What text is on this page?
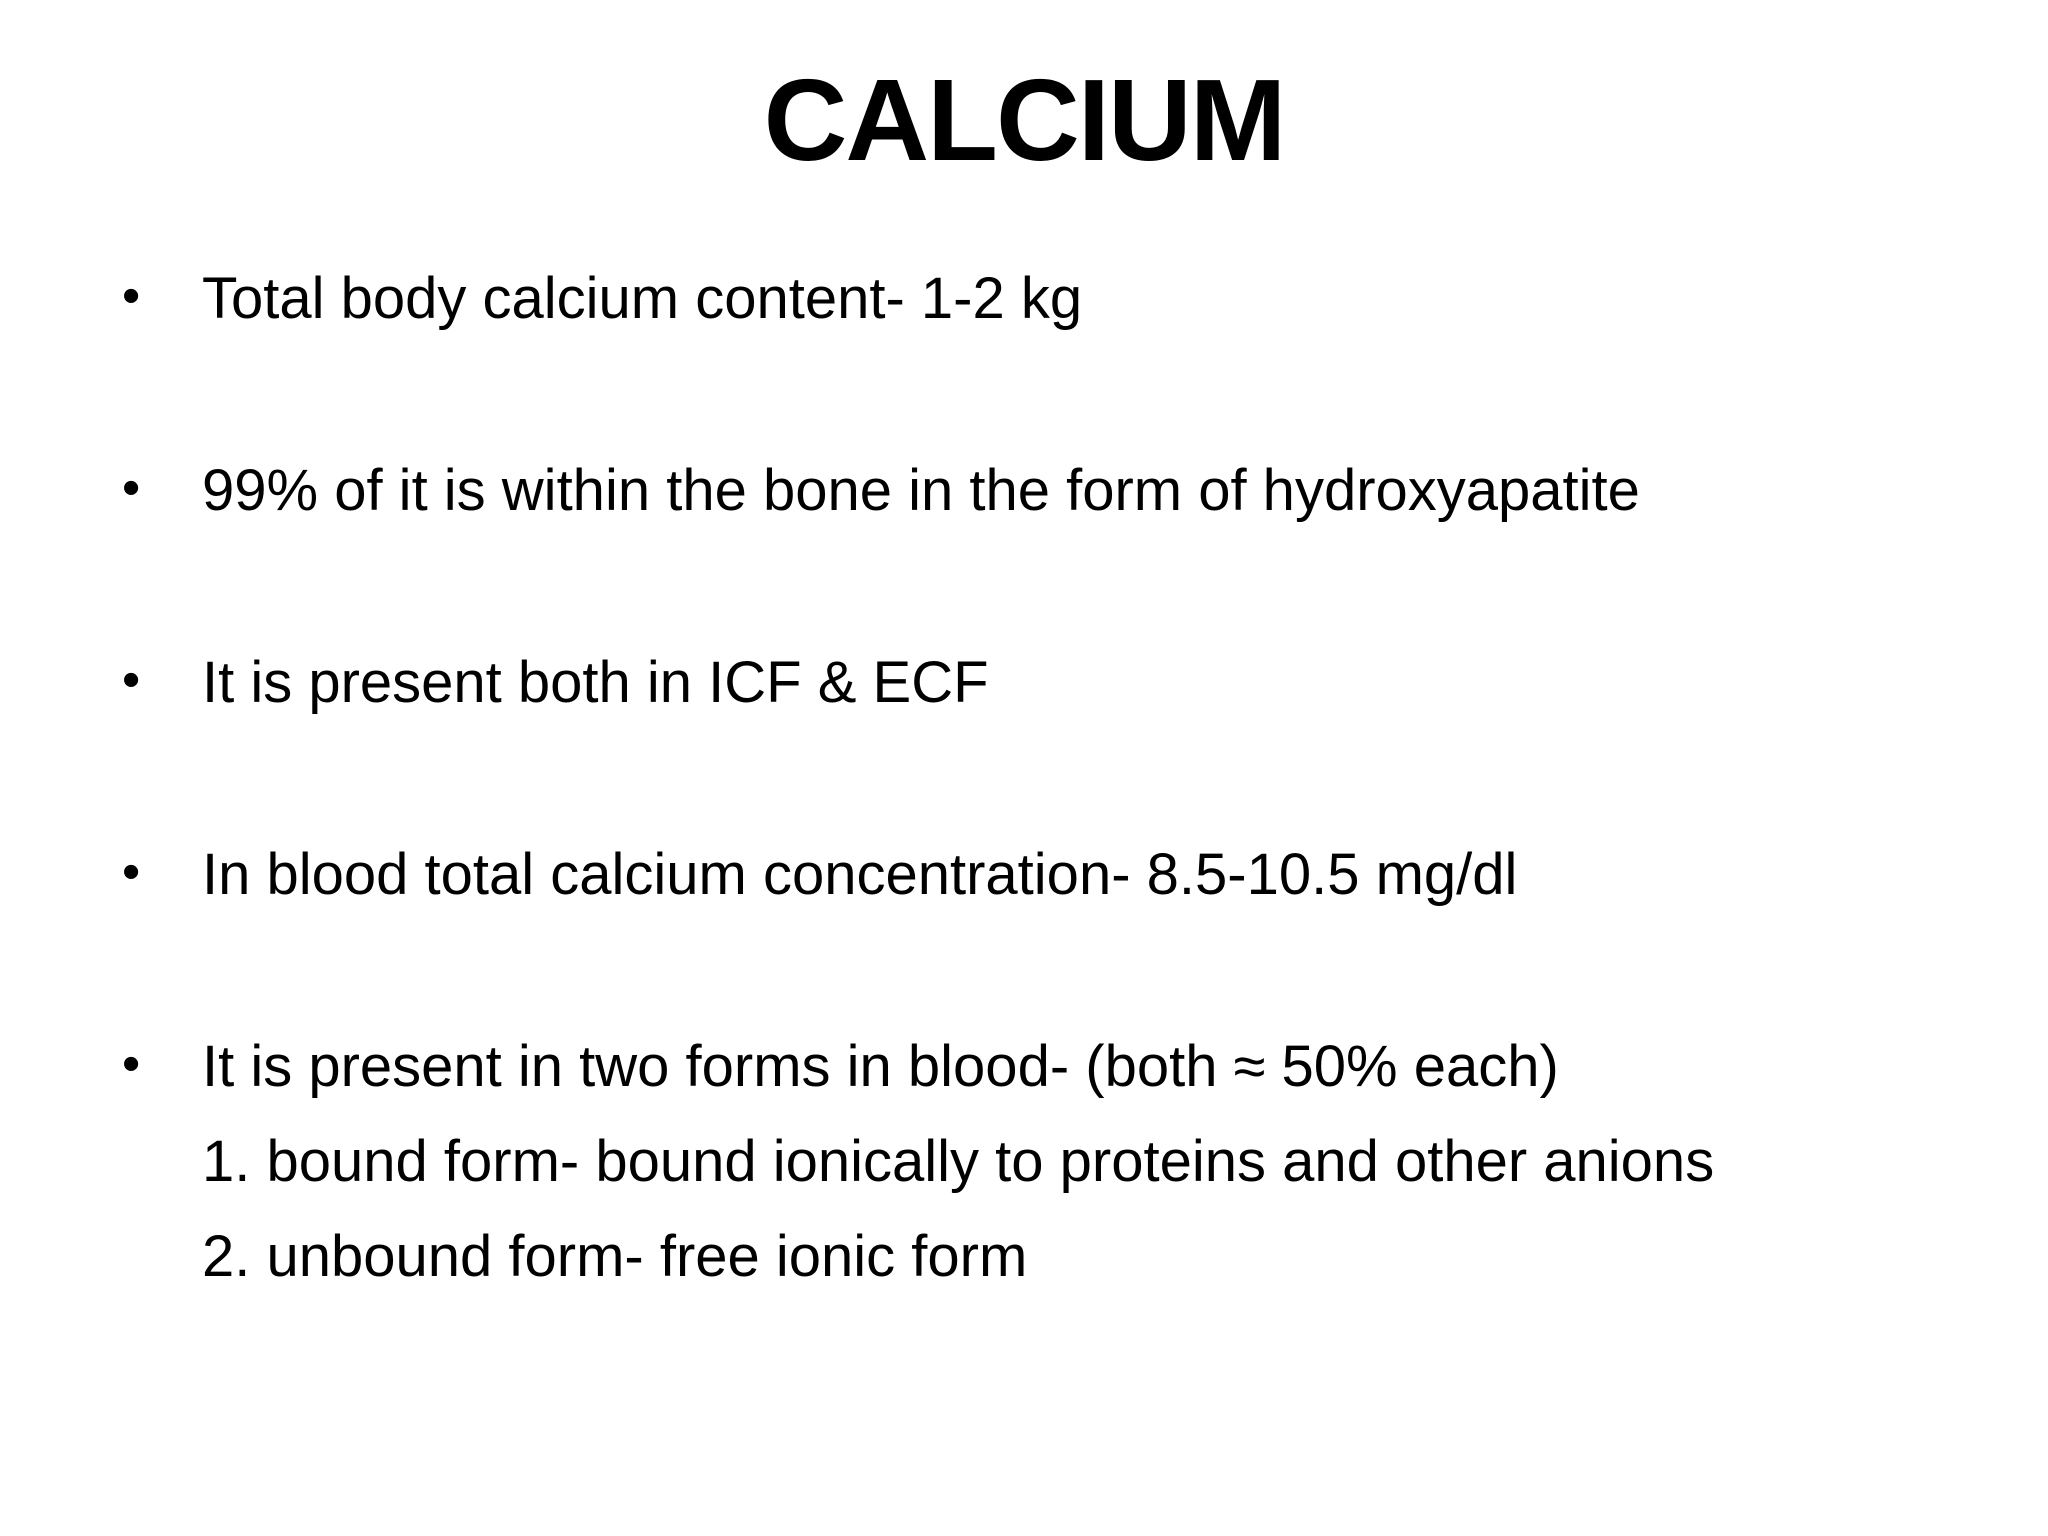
CALCIUM
• Total body calcium content- 1-2 kg
• 99% of it is within the bone in the form of hydroxyapatite
• It is present both in ICF & ECF
• In blood total calcium concentration- 8.5-10.5 mg/dl
• It is present in two forms in blood- (both ≈ 50% each)
1. bound form- bound ionically to proteins and other anions
2. unbound form- free ionic form
